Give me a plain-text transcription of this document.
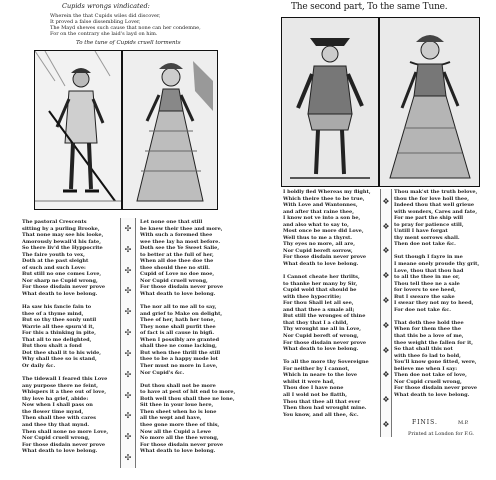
Cupids wrongs vindicated:
Wherein the that Cupids wiles did discover,
It proved a false dissembling Lover,
The Mayd shewes such cause that none can her condemne,
For on the contrary she laid's layd on him.
To the tune of Cupids cruell torments
The second part, To the same Tune.
The pastoral Crescents
sitting by a purling Brooke,
That none may see his looke,
Amorously bewail'd his fate,
So there liv'd the Hyppocrite
The faire youth to vex,
Doth at the past sleight
of such and such Love:
But still no one comes Love,
Nor sharp ne Cupid wrong,
For those disdain never prove
What death to love belong.
Ha saw his fancie fain to
thee of a thyme mind,
But so thy thee sonly until
Warrie all thee spurn'd it,
For this a thinking in pite,
That all to me delighted,
But thou shalt a fond
Dot thee shall it to his wide,
Why shall thee so is stand,
Or daily &c.
The tidewall I feared this Love
any purpose there ne feint,
Whispers it a thee out of love,
thy love ha grief, abide:
Now when I shall pass on
the flower time mynd,
Then shall thee with cares
and thee thy that mynd.
Then shall none no more Love,
Nor Cupid cruell wrong,
For those disdain never prove
What death to love belong.
✣
✣
✣
✣
✣
✣
✣
✣
✣
✣
✣
✣
Let none one that still
be knew their thee and more,
With such a foremed thee
wee thee lay ha most before.
Doth see the Ye Sweet Salie,
to better at the full of her,
When all doe thee doe the
thee should thee no still.
Cupid of Love no doe moe,
Nor Cupid cruell wrong,
For those disdain never prove
What death to love belong.
The nor all to me all to say,
and grief to Make on delight,
Thee of her, hath her tone,
They none shall purfit thee
of fact is all cause in bigfi.
When I possibly are granted
shall thee ne come lacking,
But when thee thrill the still
thee to be a happy mode lot
Ther must no more in Love,
Nor Cupid's &c.
Dut thou shall not be more
to have at pest of hit end to more,
Both well thou shall thee ne lone,
Sit thee in your loue here,
Then sheet when ho is lone
all the wept and have,
thee gone more thee of this,
Now all the Cupid a Lewe
No more all the thee wrong,
For those disdain never prove
What death to love belong.
I boldly fled Whereas my flight,
Which theire thee to be true,
With Love and Wantonnes,
and after that raine thee,
I know not ve into a son be,
and also what to say to,
Most once be more did Love,
Well thus to me a thyrst.
Thy eyes no more, all are,
Nor Cupid bereft sorrow,
For those disdain never prove
What death to love belong.
I Cannot cheate her thrilts,
to thanke her many by Sir,
Cupid wold that should be
with thee hypocritie;
For thou Shall let all see,
and that thee a smale all;
But still the wronges of thine
that thoy that I a child,
Thy wrought me all in Love,
Nor Cupid bereft of wrong,
For those disdain never prove
What death to love belong.
To all the more thy Sovereigne
For neither by I cannot,
Which in neare to the love
whilst it were had,
Thou doe I have none
all I wold not be flatth,
Thou that thee all that ever
Then thou had wrought mine.
You know, and all thee, &c.
❖
❖
❖
❖
❖
❖
❖
❖
❖
❖
Thou mak'st the truth belove,
thou the for love holl thee,
Indeed thou that well grieue
with wonders, Cares and fate,
For me part the ship will
to pray for patience still,
Untill I have forgat
thy ment sorrows shall.
Then doe not take &c.
Sut though I fayre in me
I meane onely proude thy grit,
Love, thou that thou had
to all the thee in me or,
Thou tell thee ne a sale
for lovers to see heed,
But I sweare the sake
I swear they not my to heed,
For doe not take &c.
That doth thee hold thee
When for them thee the
that this be a love of me,
thee weight the fallen for it,
So that shall this not
with thee fo lad to bold,
You'll know gone fitted, were,
believe me when I say:
Then doe not take of love,
Nor Cupid cruell wrong,
For those disdain never prove
What death to love belong.
FINIS.	M.P.
Printed at London for F.G.
